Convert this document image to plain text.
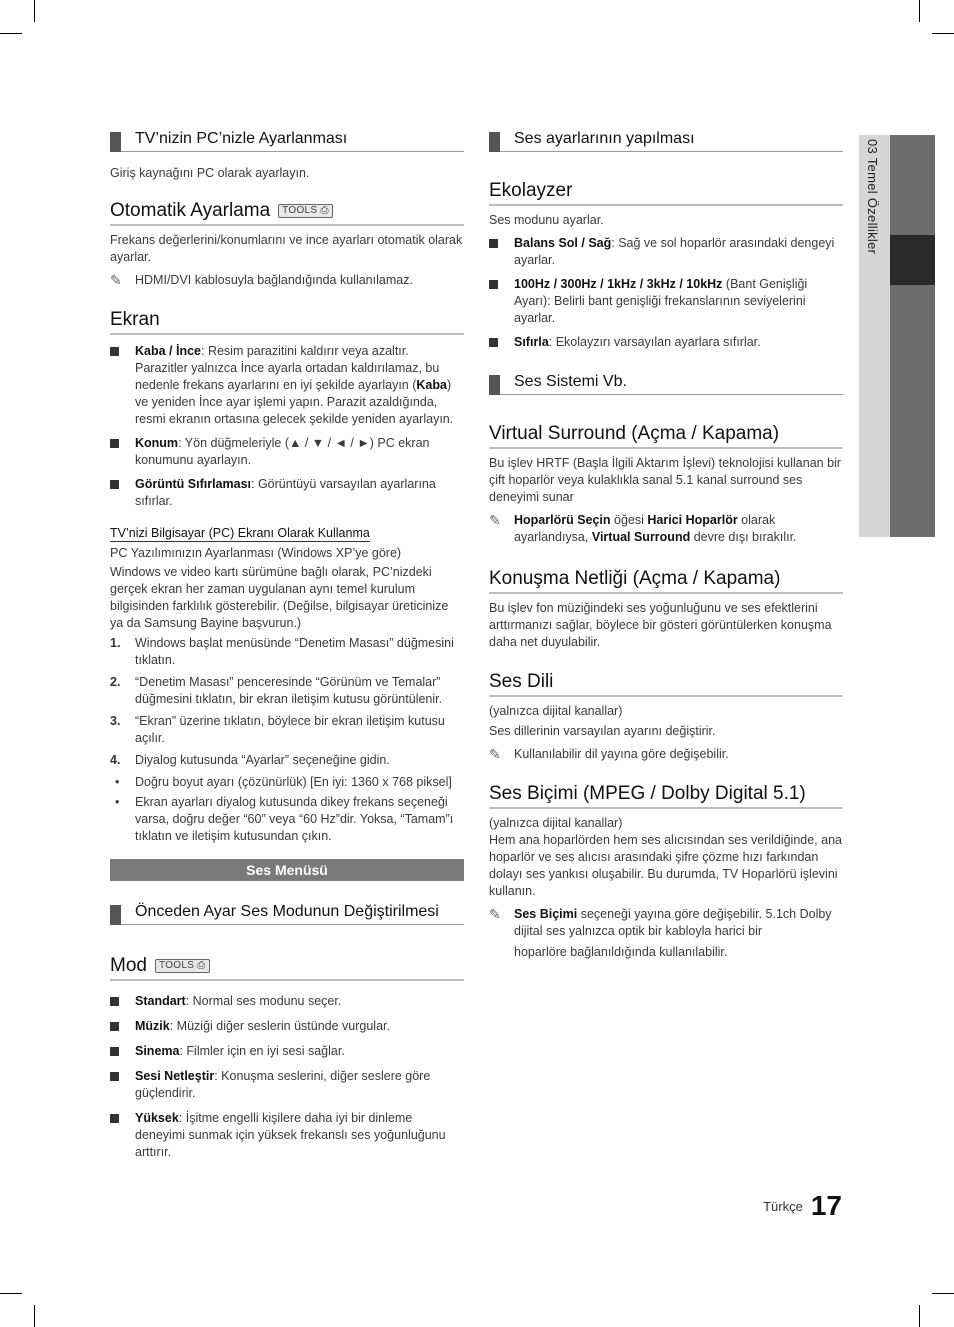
TV’nizin PC’nizle Ayarlanması
Giriş kaynağını PC olarak ayarlayın.
Otomatik Ayarlama	TOOLS ⎙
Frekans değerlerini/konumlarını ve ince ayarları otomatik olarak ayarlar.
✎ HDMI/DVI kablosuyla bağlandığında kullanılamaz.
Ekran
Kaba / İnce: Resim parazitini kaldırır veya azaltır. Parazitler yalnızca İnce ayarla ortadan kaldırılamaz, bu nedenle frekans ayarlarını en iyi şekilde ayarlayın (Kaba) ve yeniden İnce ayar işlemi yapın. Parazit azaldığında, resmi ekranın ortasına gelecek şekilde yeniden ayarlayın.
Konum: Yön düğmeleriyle (▲ / ▼ / ◄ / ►) PC ekran konumunu ayarlayın.
Görüntü Sıfırlaması: Görüntüyü varsayılan ayarlarına sıfırlar.
TV’nizi Bilgisayar (PC) Ekranı Olarak Kullanma
PC Yazılımınızın Ayarlanması (Windows XP’ye göre)
Windows ve video kartı sürümüne bağlı olarak, PC’nizdeki gerçek ekran her zaman uygulanan aynı temel kurulum bilgisinden farklılık gösterebilir. (Değilse, bilgisayar üreticinize ya da Samsung Bayine başvurun.)
1. Windows başlat menüsünde “Denetim Masası” düğmesini tıklatın.
2. “Denetim Masası” penceresinde “Görünüm ve Temalar” düğmesini tıklatın, bir ekran iletişim kutusu görüntülenir.
3. “Ekran” üzerine tıklatın, böylece bir ekran iletişim kutusu açılır.
4. Diyalog kutusunda “Ayarlar” seçeneğine gidin.
• Doğru boyut ayarı (çözünürlük) [En iyi: 1360 x 768 piksel]
• Ekran ayarları diyalog kutusunda dikey frekans seçeneği varsa, doğru değer “60” veya “60 Hz”dir. Yoksa, “Tamam”ı tıklatın ve iletişim kutusundan çıkın.
Ses Menüsü
Önceden Ayar Ses Modunun Değiştirilmesi
Mod	TOOLS ⎙
Standart: Normal ses modunu seçer.
Müzik: Müziği diğer seslerin üstünde vurgular.
Sinema: Filmler için en iyi sesi sağlar.
Sesi Netleştir: Konuşma seslerini, diğer seslere göre güçlendirir.
Yüksek: İşitme engelli kişilere daha iyi bir dinleme deneyimi sunmak için yüksek frekanslı ses yoğunluğunu arttırır.
Ses ayarlarının yapılması
Ekolayzer
Ses modunu ayarlar.
Balans Sol / Sağ: Sağ ve sol hoparlör arasındaki dengeyi ayarlar.
100Hz / 300Hz / 1kHz / 3kHz / 10kHz (Bant Genişliği Ayarı): Belirli bant genişliği frekanslarının seviyelerini ayarlar.
Sıfırla: Ekolayzırı varsayılan ayarlara sıfırlar.
Ses Sistemi Vb.
Virtual Surround (Açma / Kapama)
Bu işlev HRTF (Başla İlgili Aktarım İşlevi) teknolojisi kullanan bir çift hoparlör veya kulaklıkla sanal 5.1 kanal surround ses deneyimi sunar
✎ Hoparlörü Seçin öğesi Harici Hoparlör olarak ayarlandıysa, Virtual Surround devre dışı bırakılır.
Konuşma Netliği (Açma / Kapama)
Bu işlev fon müziğindeki ses yoğunluğunu ve ses efektlerini arttırmanızı sağlar, böylece bir gösteri görüntülerken konuşma daha net duyulabilir.
Ses Dili
(yalnızca dijital kanallar)
Ses dillerinin varsayılan ayarını değiştirir.
✎ Kullanılabilir dil yayına göre değişebilir.
Ses Biçimi (MPEG / Dolby Digital 5.1)
(yalnızca dijital kanallar)
Hem ana hoparlörden hem ses alıcısından ses verildiğinde, ana hoparlör ve ses alıcısı arasındaki şifre çözme hızı farkından dolayı ses yankısı oluşabilir. Bu durumda, TV Hoparlörü işlevini kullanın.
✎ Ses Biçimi seçeneği yayına göre değişebilir. 5.1ch Dolby dijital ses yalnızca optik bir kabloyla harici bir
hoparlöre bağlanıldığında kullanılabilir.
03 Temel Özellikler
Türkçe 17
